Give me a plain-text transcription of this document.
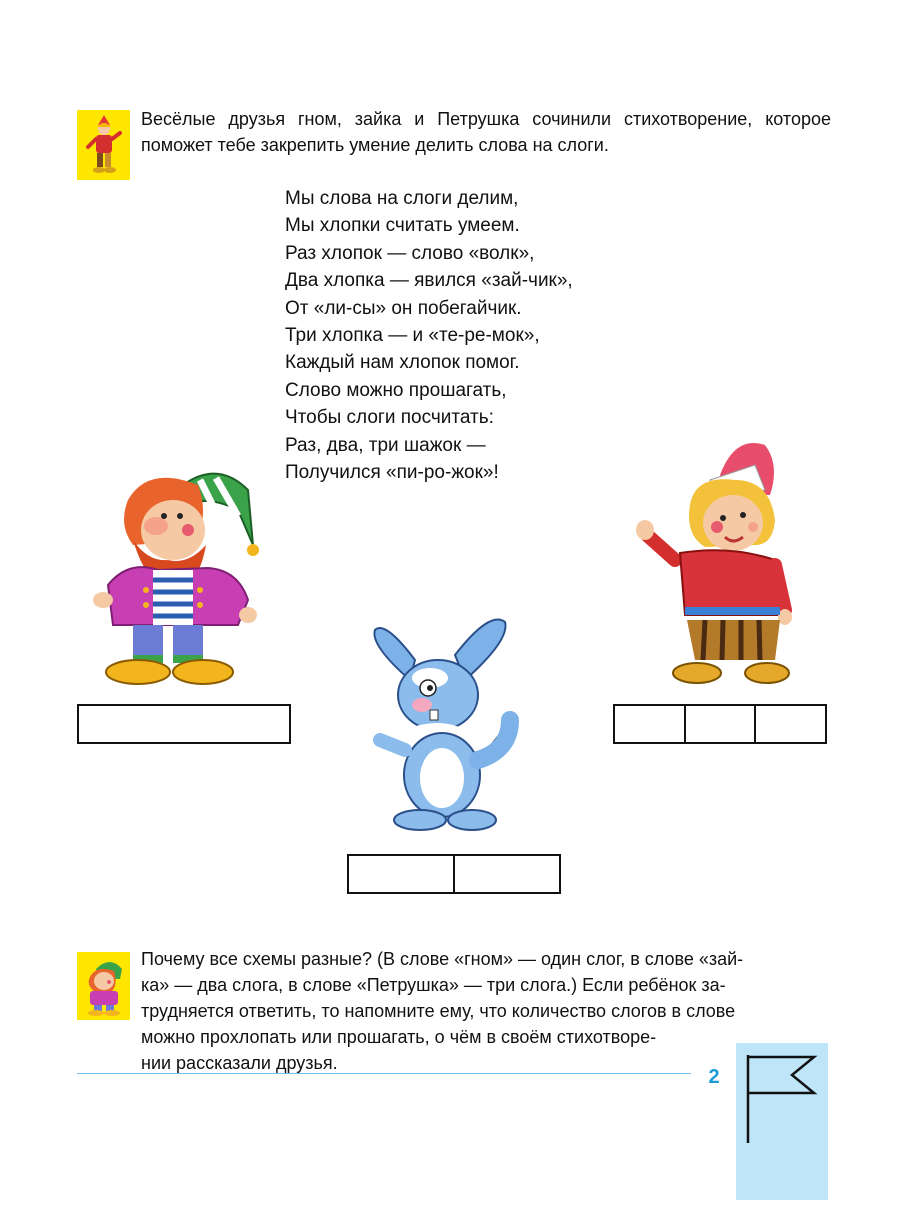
Весёлые друзья гном, зайка и Петрушка сочинили стихотворение, которое поможет тебе закрепить умение делить слова на слоги.

Мы слова на слоги делим,
Мы хлопки считать умеем.
Раз хлопок — слово «волк»,
Два хлопка — явился «зай-чик»,
От «ли-сы» он побегайчик.
Три хлопка — и «те-ре-мок»,
Каждый нам хлопок помог.
Слово можно прошагать,
Чтобы слоги посчитать:
Раз, два, три шажок —
Получился «пи-ро-жок»!
Почему все схемы разные? (В слове «гном» — один слог, в слове «зай-
ка» — два слога, в слове «Петрушка» — три слога.) Если ребёнок за-
трудняется ответить, то напомните ему, что количество слогов в слове
можно прохлопать или прошагать, о чём в своём стихотворе-
нии рассказали друзья.
2
